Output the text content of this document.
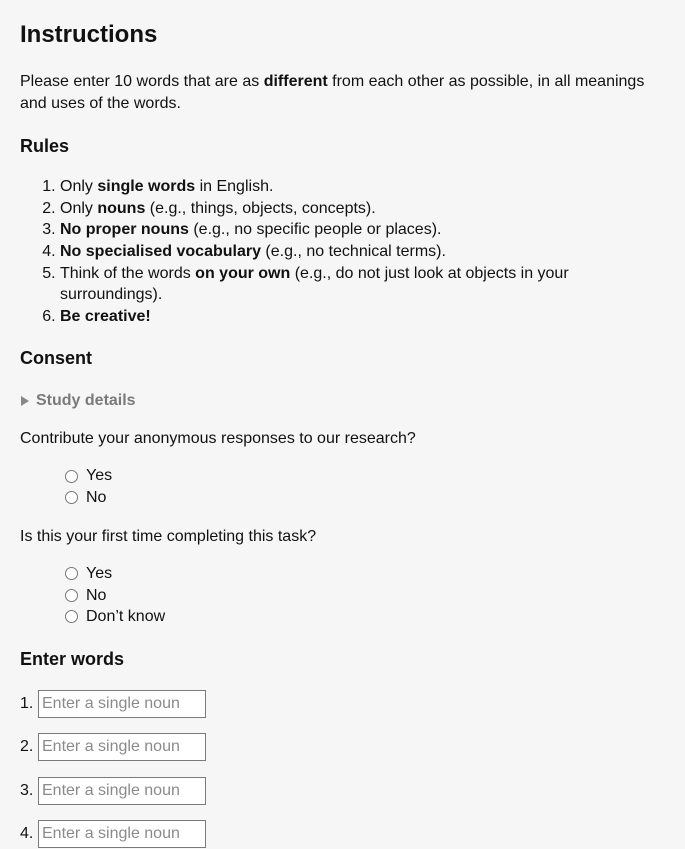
Instructions

Please enter 10 words that are as different from each other as possible, in all meanings and uses of the words.

Rules
1. Only single words in English.
2. Only nouns (e.g., things, objects, concepts).
3. No proper nouns (e.g., no specific people or places).
4. No specialised vocabulary (e.g., no technical terms).
5. Think of the words on your own (e.g., do not just look at objects in your surroundings).
6. Be creative!
Consent
Study details

Contribute your anonymous responses to our research?

Yes
No

Is this your first time completing this task?

Yes
No
Don’t know
Enter words
1.
Enter a single noun
2.
Enter a single noun
3.
Enter a single noun
4.
Enter a single noun
